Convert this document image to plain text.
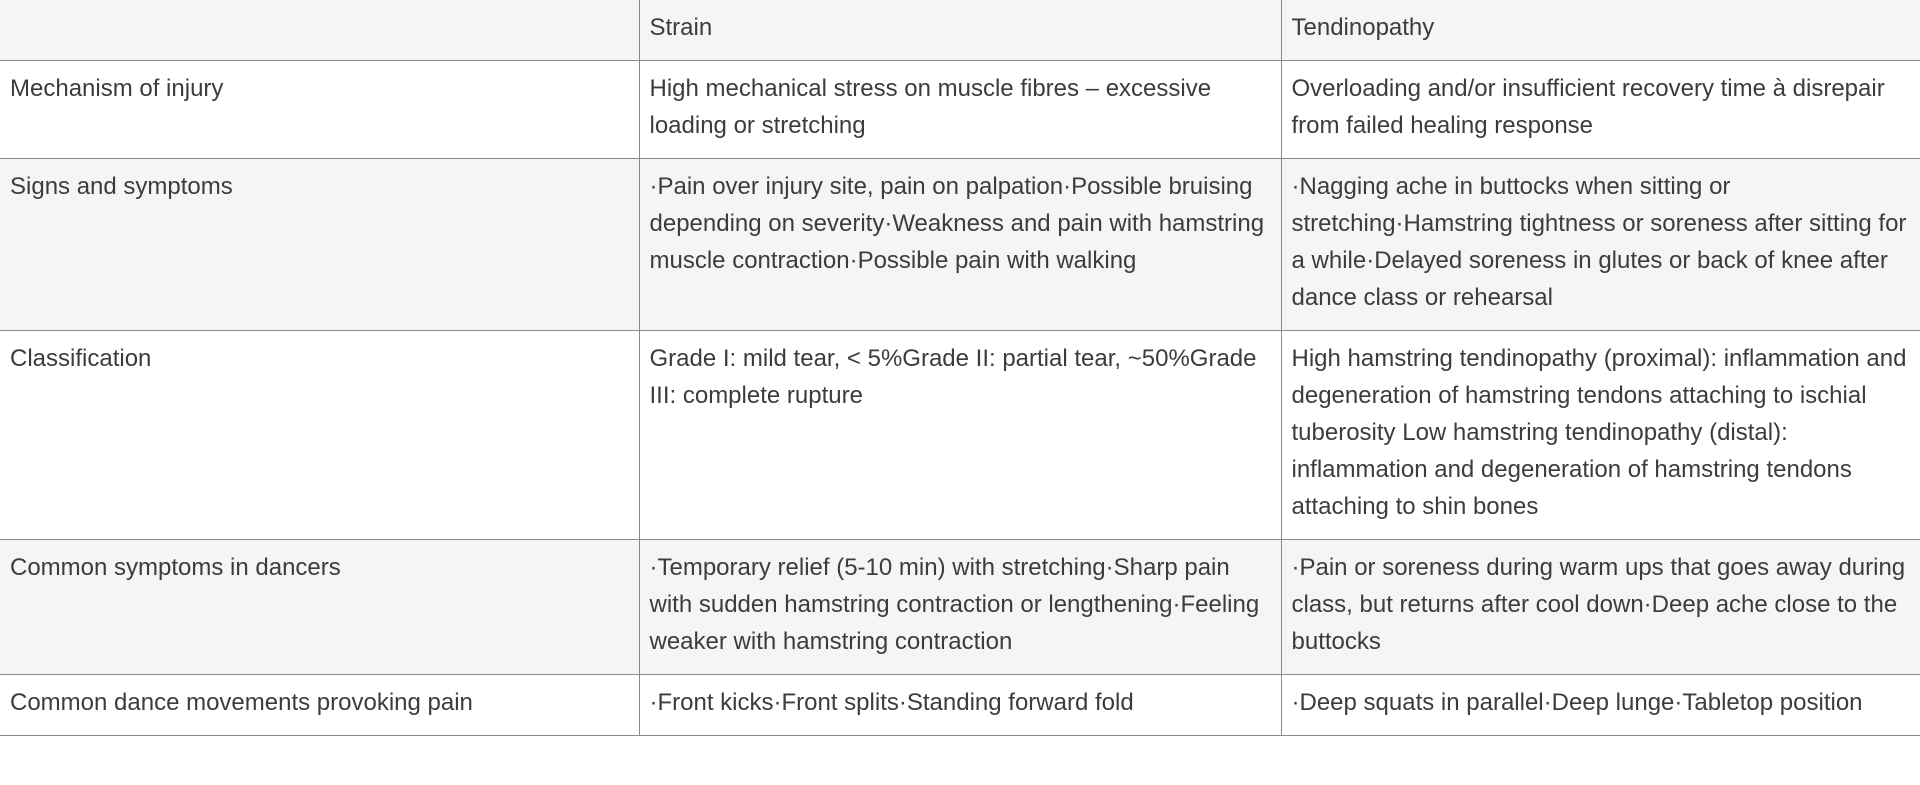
	Strain	Tendinopathy
Mechanism of injury	High mechanical stress on muscle fibres – excessive loading or stretching	Overloading and/or insufficient recovery time à disrepair from failed healing response
Signs and symptoms	·Pain over injury site, pain on palpation·Possible bruising depending on severity·Weakness and pain with hamstring muscle contraction·Possible pain with walking	·Nagging ache in buttocks when sitting or stretching·Hamstring tightness or soreness after sitting for a while·Delayed soreness in glutes or back of knee after dance class or rehearsal
Classification	Grade I: mild tear, < 5%Grade II: partial tear, ~50%Grade III: complete rupture	High hamstring tendinopathy (proximal): inflammation and degeneration of hamstring tendons attaching to ischial tuberosity Low hamstring tendinopathy (distal): inflammation and degeneration of hamstring tendons attaching to shin bones
Common symptoms in dancers	·Temporary relief (5-10 min) with stretching·Sharp pain with sudden hamstring contraction or lengthening·Feeling weaker with hamstring contraction	·Pain or soreness during warm ups that goes away during class, but returns after cool down·Deep ache close to the buttocks
Common dance movements provoking pain	·Front kicks·Front splits·Standing forward fold	·Deep squats in parallel·Deep lunge·Tabletop position
